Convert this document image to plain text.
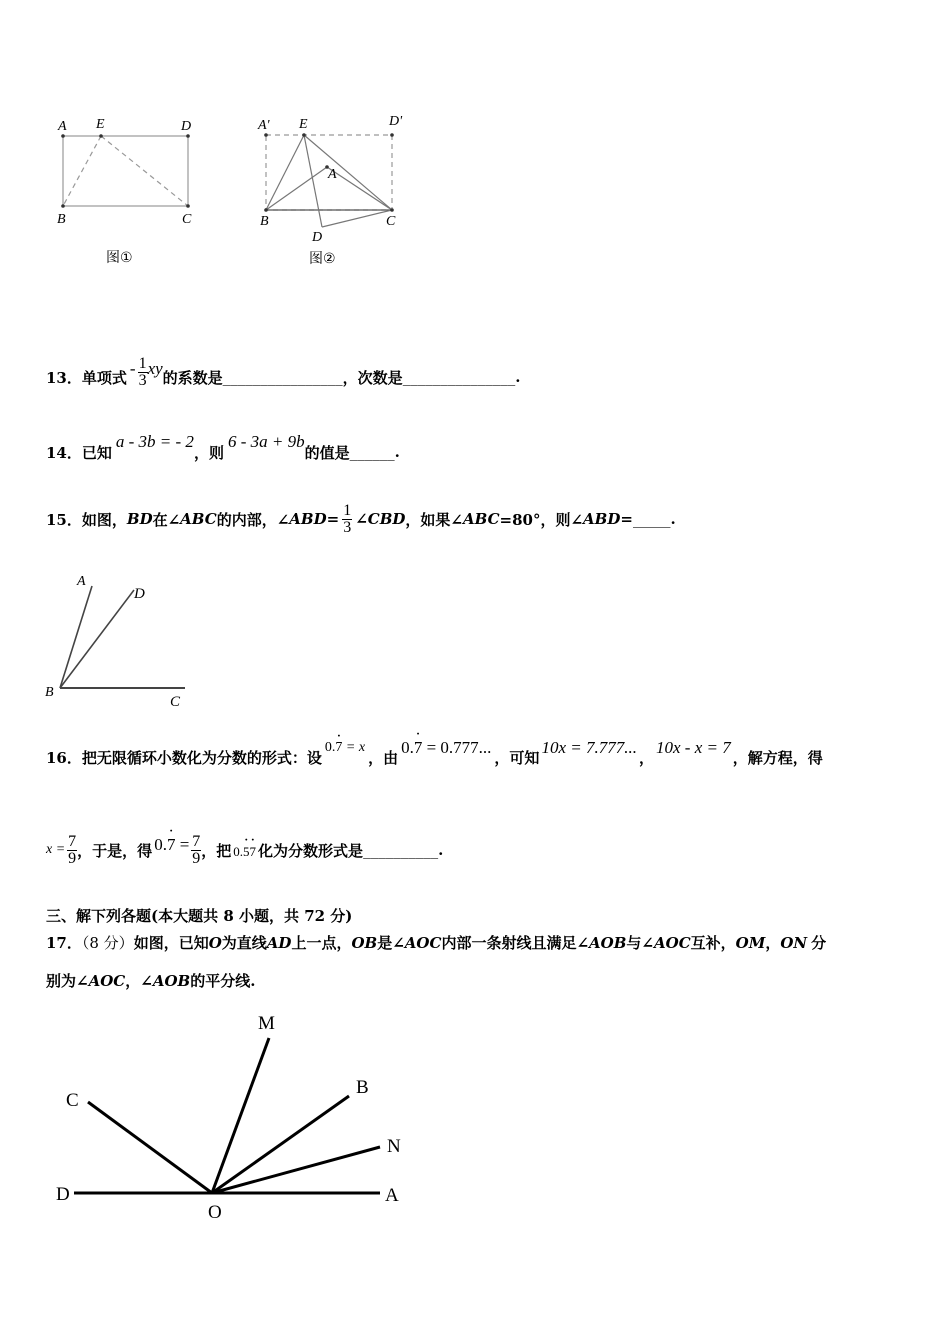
A E	D
B	C
图①
A' E	D'
A
B	C
D
图②
13． 单项式 - $\frac{1}{3}$ xy 的系数是 ________________ ，次数是 _______________ .
14． 已知
a - 3b = - 2
，则
6 - 3a + 9b
的值是 ______ .
15． 如图， BD 在∠ ABC 的内部，∠ ABD = $\frac{1}{3}$ ∠ CBD ，如果∠ ABC =80°，则∠ ABD = _____ .
A
D
B
C
16． 把无限循环小数化为分数的形式：设
0.· 7 = x
，由
0.· 7 = 0.777...
，可知
10x = 7.777...
，
10x - x = 7
，解方程，得
$x = \frac{7}{9}$ ，于是，得 $0.\cdot 7 = \frac{7}{9}$ ，把 0.· 5· 7 化为分数形式是 __________ .
三、解下列各题(本大题共 8 小题，共 72 分)
17．（8 分）如图，已知O为直线AD上一点，OB是∠AOC内部一条射线且满足∠AOB与∠AOC互补，OM，ON 分
别为∠AOC，∠AOB的平分线.
M
C
B
N
D
O
A
